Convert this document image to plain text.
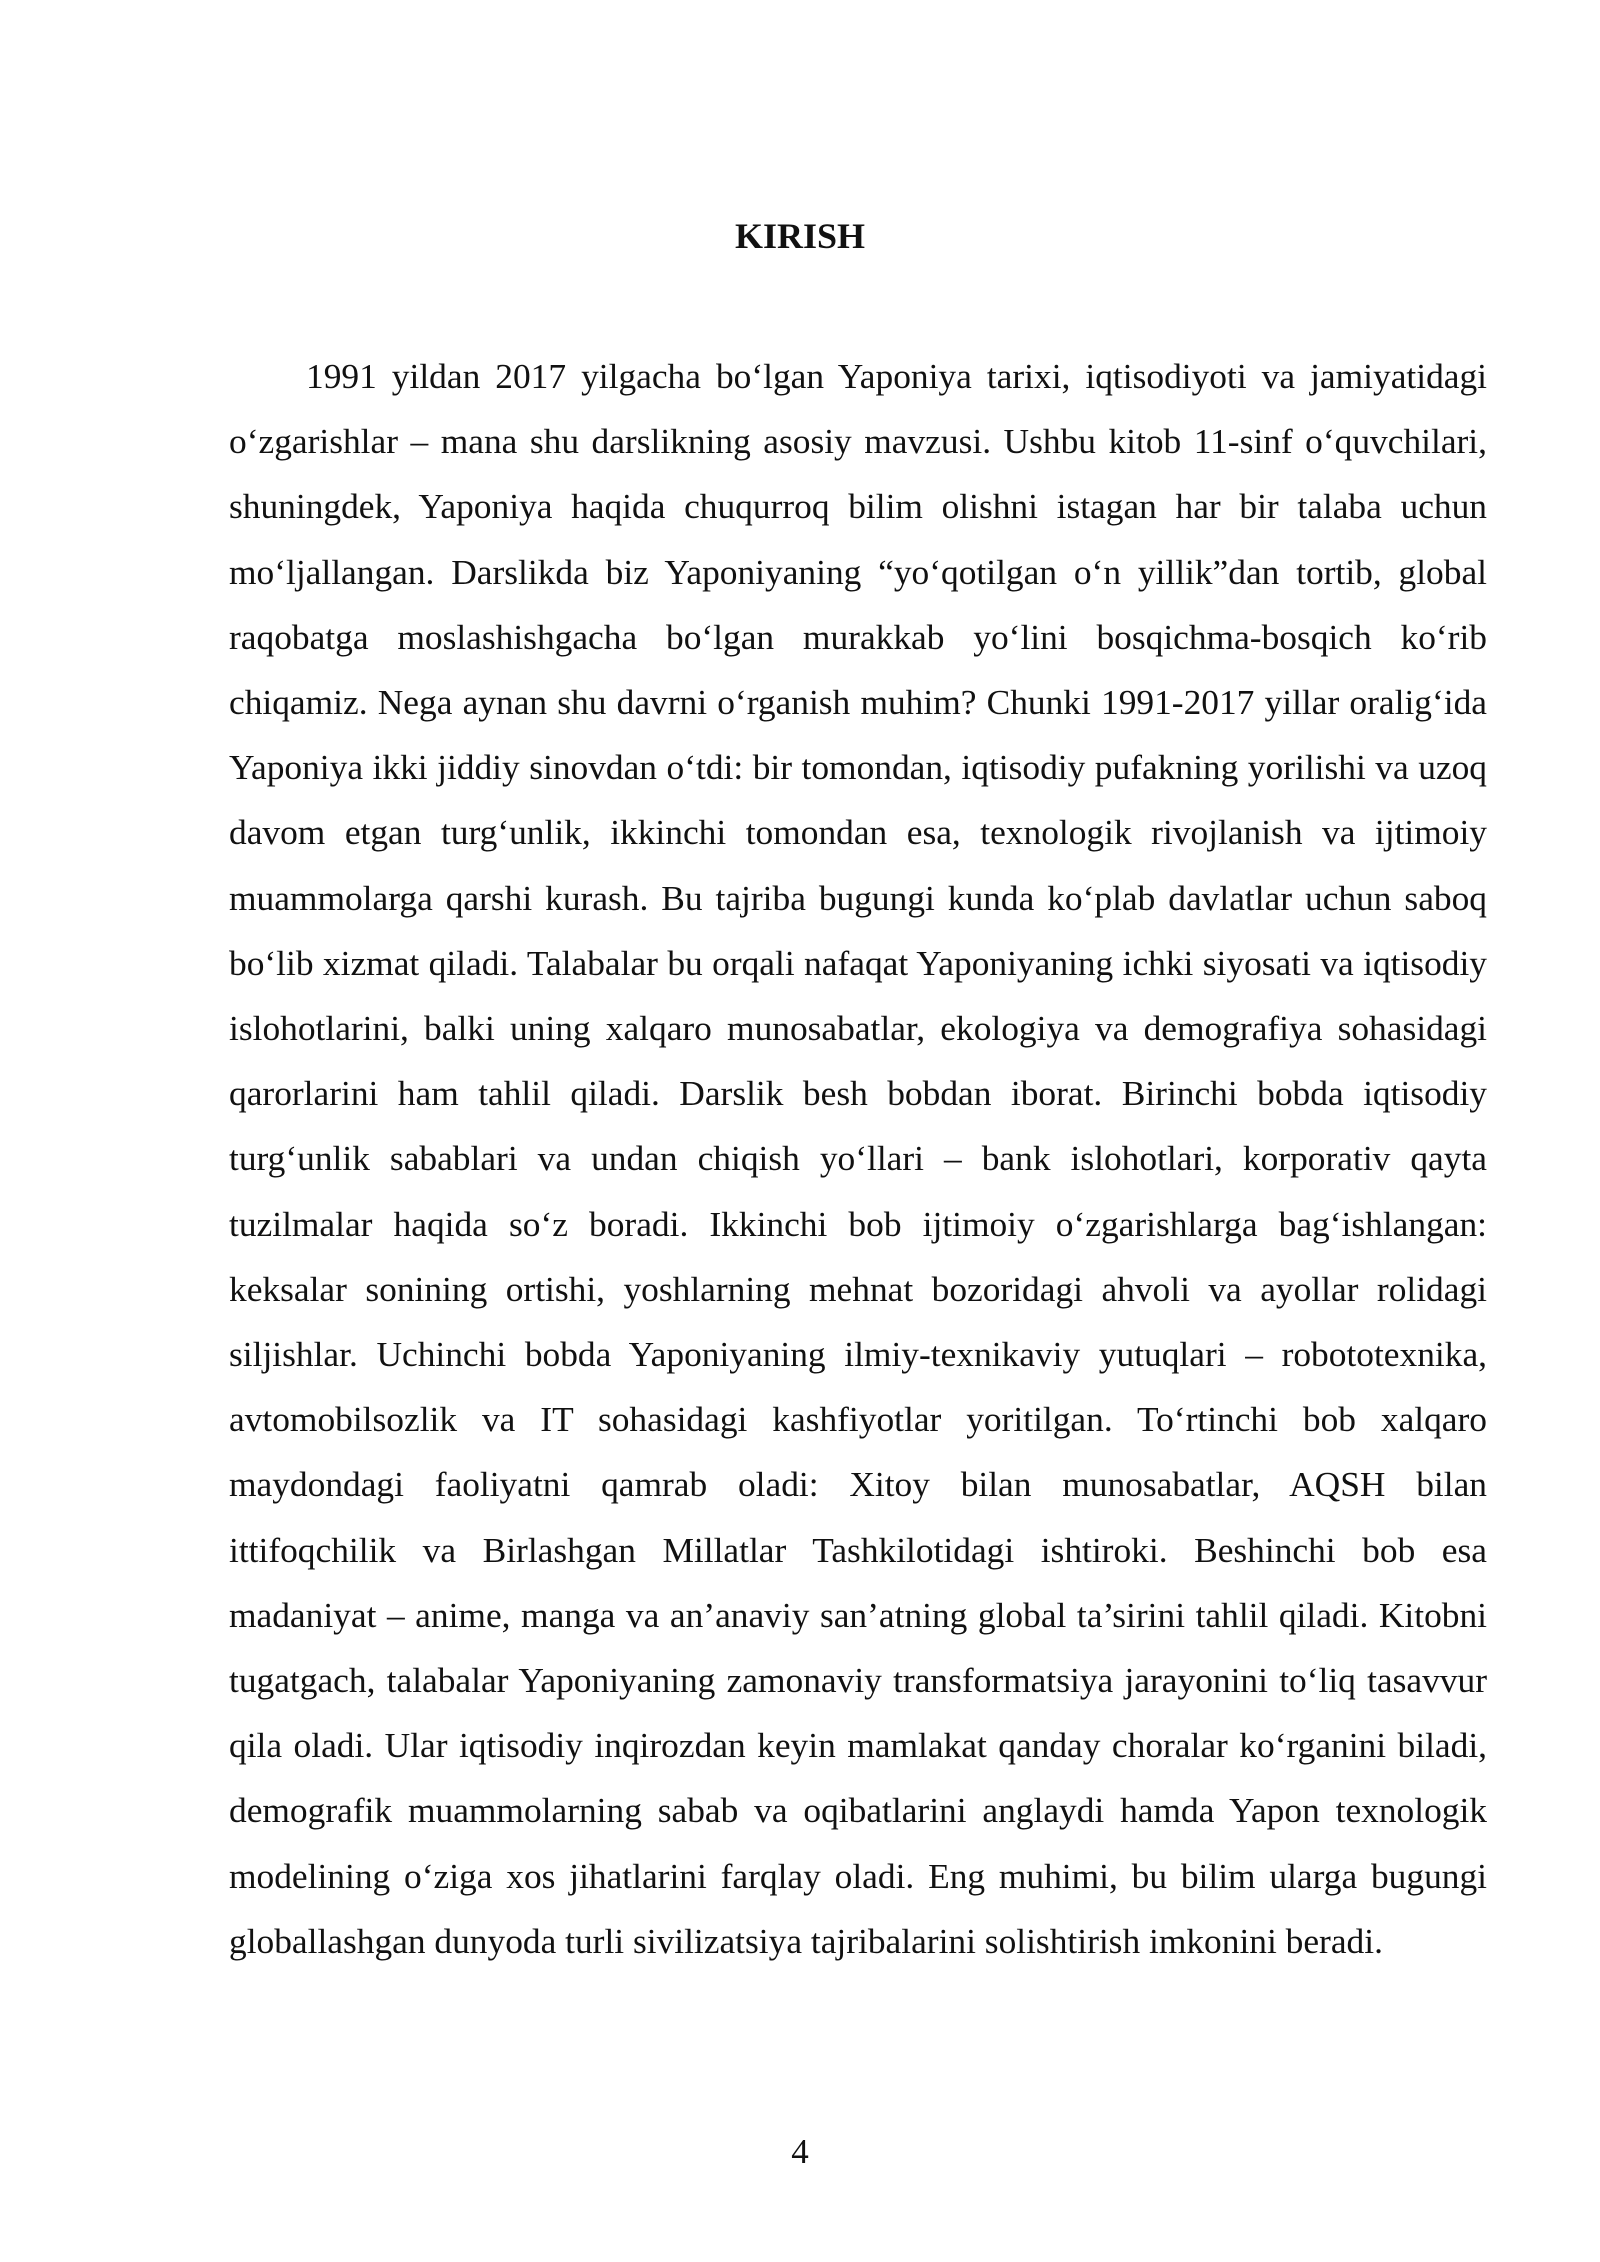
KIRISH

1991 yildan 2017 yilgacha bo‘lgan Yaponiya tarixi, iqtisodiyoti va jamiyatidagi o‘zgarishlar – mana shu darslikning asosiy mavzusi. Ushbu kitob 11-sinf o‘quvchilari, shuningdek, Yaponiya haqida chuqurroq bilim olishni istagan har bir talaba uchun mo‘ljallangan. Darslikda biz Yaponiyaning “yo‘qotilgan o‘n yillik”dan tortib, global raqobatga moslashishgacha bo‘lgan murakkab yo‘lini bosqichma-bosqich ko‘rib chiqamiz. Nega aynan shu davrni o‘rganish muhim? Chunki 1991-2017 yillar oralig‘ida Yaponiya ikki jiddiy sinovdan o‘tdi: bir tomondan, iqtisodiy pufakning yorilishi va uzoq davom etgan turg‘unlik, ikkinchi tomondan esa, texnologik rivojlanish va ijtimoiy muammolarga qarshi kurash. Bu tajriba bugungi kunda ko‘plab davlatlar uchun saboq bo‘lib xizmat qiladi. Talabalar bu orqali nafaqat Yaponiyaning ichki siyosati va iqtisodiy islohotlarini, balki uning xalqaro munosabatlar, ekologiya va demografiya sohasidagi qarorlarini ham tahlil qiladi. Darslik besh bobdan iborat. Birinchi bobda iqtisodiy turg‘unlik sabablari va undan chiqish yo‘llari – bank islohotlari, korporativ qayta tuzilmalar haqida so‘z boradi. Ikkinchi bob ijtimoiy o‘zgarishlarga bag‘ishlangan: keksalar sonining ortishi, yoshlarning mehnat bozoridagi ahvoli va ayollar rolidagi siljishlar. Uchinchi bobda Yaponiyaning ilmiy-texnikaviy yutuqlari – robototexnika, avtomobilsozlik va IT sohasidagi kashfiyotlar yoritilgan. To‘rtinchi bob xalqaro maydondagi faoliyatni qamrab oladi: Xitoy bilan munosabatlar, AQSH bilan ittifoqchilik va Birlashgan Millatlar Tashkilotidagi ishtiroki. Beshinchi bob esa madaniyat – anime, manga va an’anaviy san’atning global ta’sirini tahlil qiladi. Kitobni tugatgach, talabalar Yaponiyaning zamonaviy transformatsiya jarayonini to‘liq tasavvur qila oladi. Ular iqtisodiy inqirozdan keyin mamlakat qanday choralar ko‘rganini biladi, demografik muammolarning sabab va oqibatlarini anglaydi hamda Yapon texnologik modelining o‘ziga xos jihatlarini farqlay oladi. Eng muhimi, bu bilim ularga bugungi globallashgan dunyoda turli sivilizatsiya tajribalarini solishtirish imkonini beradi.

4
